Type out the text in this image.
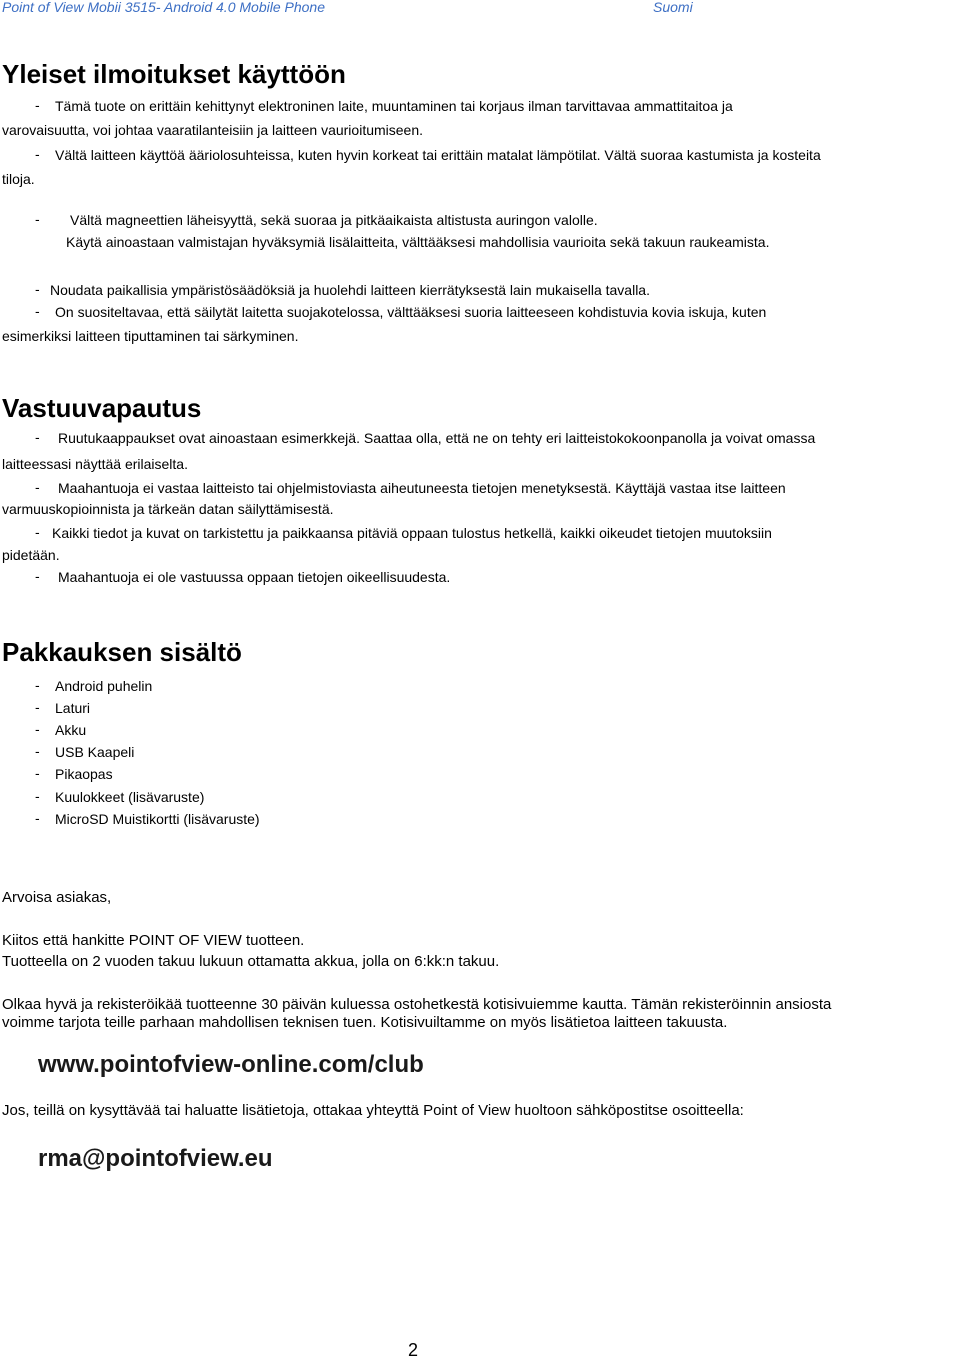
Point of View Mobii 3515- Android 4.0 Mobile Phone	Suomi
Yleiset ilmoitukset käyttöön
- Tämä tuote on erittäin kehittynyt elektroninen laite, muuntaminen tai korjaus ilman tarvittavaa ammattitaitoa ja
varovaisuutta, voi johtaa vaaratilanteisiin ja laitteen vaurioitumiseen.
- Vältä laitteen käyttöä ääriolosuhteissa, kuten hyvin korkeat tai erittäin matalat lämpötilat. Vältä suoraa kastumista ja kosteita
tiloja.
- Vältä magneettien läheisyyttä, sekä suoraa ja pitkäaikaista altistusta auringon valolle.
Käytä ainoastaan valmistajan hyväksymiä lisälaitteita, välttääksesi mahdollisia vaurioita sekä takuun raukeamista.
- Noudata paikallisia ympäristösäädöksiä ja huolehdi laitteen kierrätyksestä lain mukaisella tavalla.
- On suositeltavaa, että säilytät laitetta suojakotelossa, välttääksesi suoria laitteeseen kohdistuvia kovia iskuja, kuten
esimerkiksi laitteen tiputtaminen tai särkyminen.
Vastuuvapautus
- Ruutukaappaukset ovat ainoastaan esimerkkejä. Saattaa olla, että ne on tehty eri laitteistokokoonpanolla ja voivat omassa
laitteessasi näyttää erilaiselta.
- Maahantuoja ei vastaa laitteisto tai ohjelmistoviasta aiheutuneesta tietojen menetyksestä. Käyttäjä vastaa itse laitteen
varmuuskopioinnista ja tärkeän datan säilyttämisestä.
- Kaikki tiedot ja kuvat on tarkistettu ja paikkaansa pitäviä oppaan tulostus hetkellä, kaikki oikeudet tietojen muutoksiin
pidetään.
- Maahantuoja ei ole vastuussa oppaan tietojen oikeellisuudesta.
Pakkauksen sisältö
- Android puhelin
- Laturi
- Akku
- USB Kaapeli
- Pikaopas
- Kuulokkeet (lisävaruste)
- MicroSD Muistikortti (lisävaruste)
Arvoisa asiakas,
Kiitos että hankitte POINT OF VIEW tuotteen.
Tuotteella on 2 vuoden takuu lukuun ottamatta akkua, jolla on 6:kk:n takuu.
Olkaa hyvä ja rekisteröikää tuotteenne 30 päivän kuluessa ostohetkestä kotisivuiemme kautta. Tämän rekisteröinnin ansiosta
voimme tarjota teille parhaan mahdollisen teknisen tuen. Kotisivuiltamme on myös lisätietoa laitteen takuusta.
www.pointofview-online.com/club
Jos, teillä on kysyttävää tai haluatte lisätietoja, ottakaa yhteyttä Point of View huoltoon sähköpostitse osoitteella:
rma@pointofview.eu
2
